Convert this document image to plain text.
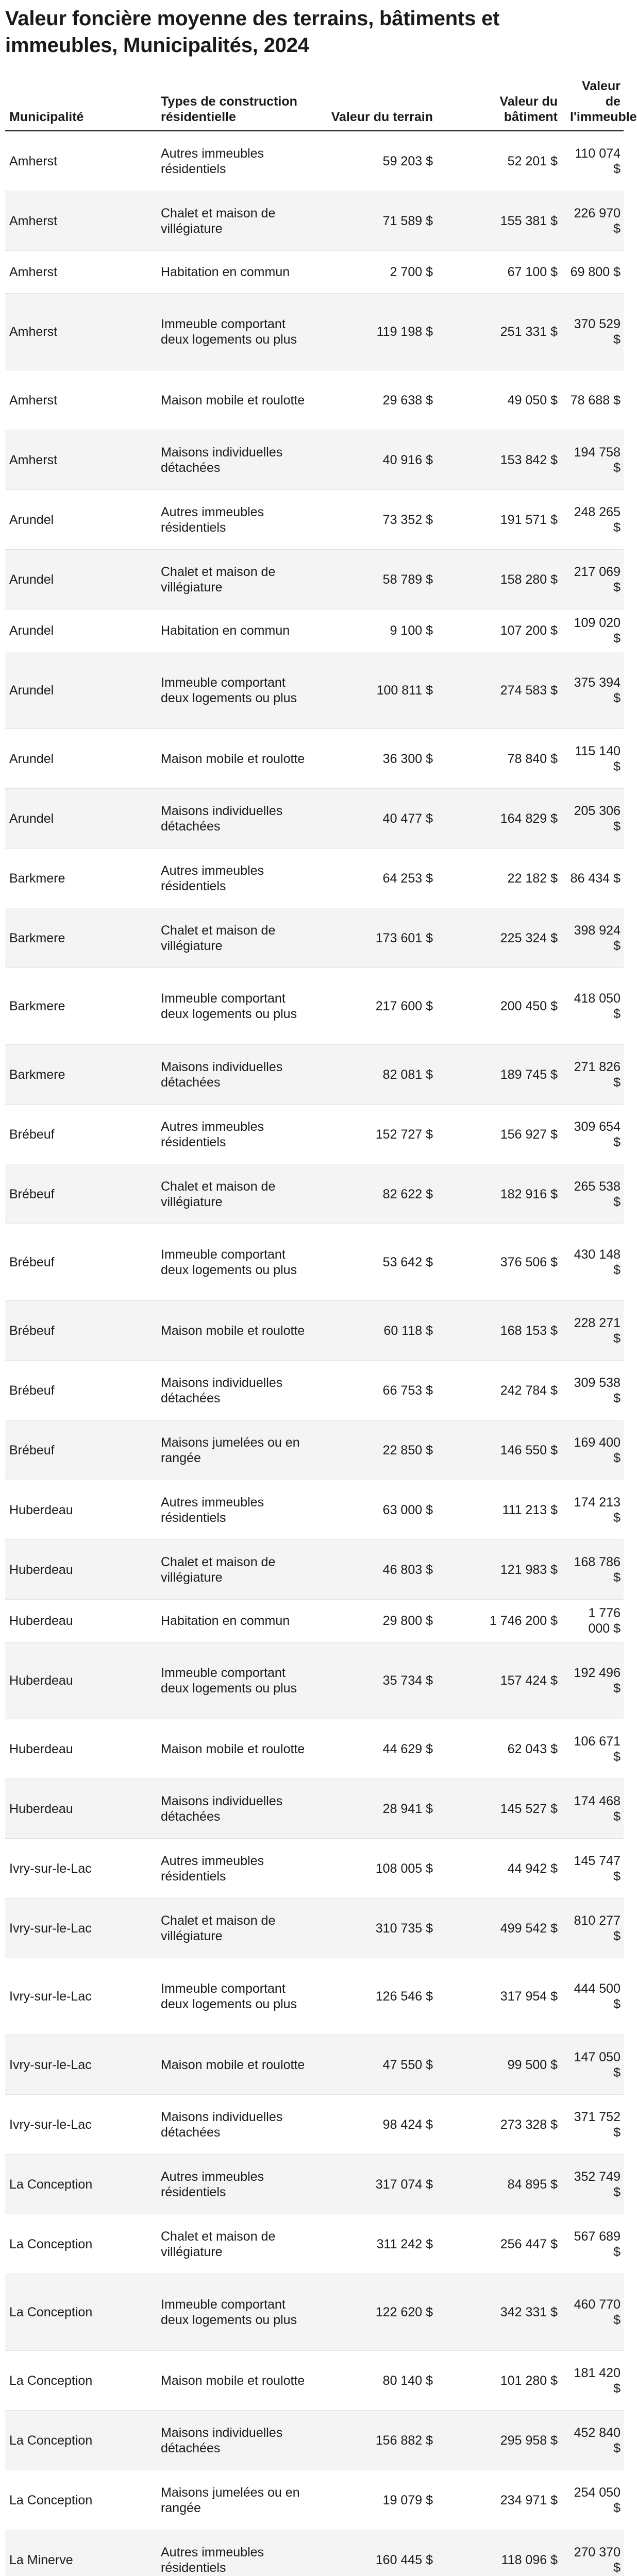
Valeur foncière moyenne des terrains, bâtiments et immeubles, Municipalités, 2024
Municipalité	Types de construction résidentielle	Valeur du terrain	Valeur du bâtiment	Valeur de l'immeuble
Amherst	Autres immeubles résidentiels	59 203 $	52 201 $	110 074 $
Amherst	Chalet et maison de villégiature	71 589 $	155 381 $	226 970 $
Amherst	Habitation en commun	2 700 $	67 100 $	69 800 $
Amherst	Immeuble comportant deux logements ou plus	119 198 $	251 331 $	370 529 $
Amherst	Maison mobile et roulotte	29 638 $	49 050 $	78 688 $
Amherst	Maisons individuelles détachées	40 916 $	153 842 $	194 758 $
Arundel	Autres immeubles résidentiels	73 352 $	191 571 $	248 265 $
Arundel	Chalet et maison de villégiature	58 789 $	158 280 $	217 069 $
Arundel	Habitation en commun	9 100 $	107 200 $	109 020 $
Arundel	Immeuble comportant deux logements ou plus	100 811 $	274 583 $	375 394 $
Arundel	Maison mobile et roulotte	36 300 $	78 840 $	115 140 $
Arundel	Maisons individuelles détachées	40 477 $	164 829 $	205 306 $
Barkmere	Autres immeubles résidentiels	64 253 $	22 182 $	86 434 $
Barkmere	Chalet et maison de villégiature	173 601 $	225 324 $	398 924 $
Barkmere	Immeuble comportant deux logements ou plus	217 600 $	200 450 $	418 050 $
Barkmere	Maisons individuelles détachées	82 081 $	189 745 $	271 826 $
Brébeuf	Autres immeubles résidentiels	152 727 $	156 927 $	309 654 $
Brébeuf	Chalet et maison de villégiature	82 622 $	182 916 $	265 538 $
Brébeuf	Immeuble comportant deux logements ou plus	53 642 $	376 506 $	430 148 $
Brébeuf	Maison mobile et roulotte	60 118 $	168 153 $	228 271 $
Brébeuf	Maisons individuelles détachées	66 753 $	242 784 $	309 538 $
Brébeuf	Maisons jumelées ou en rangée	22 850 $	146 550 $	169 400 $
Huberdeau	Autres immeubles résidentiels	63 000 $	111 213 $	174 213 $
Huberdeau	Chalet et maison de villégiature	46 803 $	121 983 $	168 786 $
Huberdeau	Habitation en commun	29 800 $	1 746 200 $	1 776 000 $
Huberdeau	Immeuble comportant deux logements ou plus	35 734 $	157 424 $	192 496 $
Huberdeau	Maison mobile et roulotte	44 629 $	62 043 $	106 671 $
Huberdeau	Maisons individuelles détachées	28 941 $	145 527 $	174 468 $
Ivry-sur-le-Lac	Autres immeubles résidentiels	108 005 $	44 942 $	145 747 $
Ivry-sur-le-Lac	Chalet et maison de villégiature	310 735 $	499 542 $	810 277 $
Ivry-sur-le-Lac	Immeuble comportant deux logements ou plus	126 546 $	317 954 $	444 500 $
Ivry-sur-le-Lac	Maison mobile et roulotte	47 550 $	99 500 $	147 050 $
Ivry-sur-le-Lac	Maisons individuelles détachées	98 424 $	273 328 $	371 752 $
La Conception	Autres immeubles résidentiels	317 074 $	84 895 $	352 749 $
La Conception	Chalet et maison de villégiature	311 242 $	256 447 $	567 689 $
La Conception	Immeuble comportant deux logements ou plus	122 620 $	342 331 $	460 770 $
La Conception	Maison mobile et roulotte	80 140 $	101 280 $	181 420 $
La Conception	Maisons individuelles détachées	156 882 $	295 958 $	452 840 $
La Conception	Maisons jumelées ou en rangée	19 079 $	234 971 $	254 050 $
La Minerve	Autres immeubles résidentiels	160 445 $	118 096 $	270 370 $
